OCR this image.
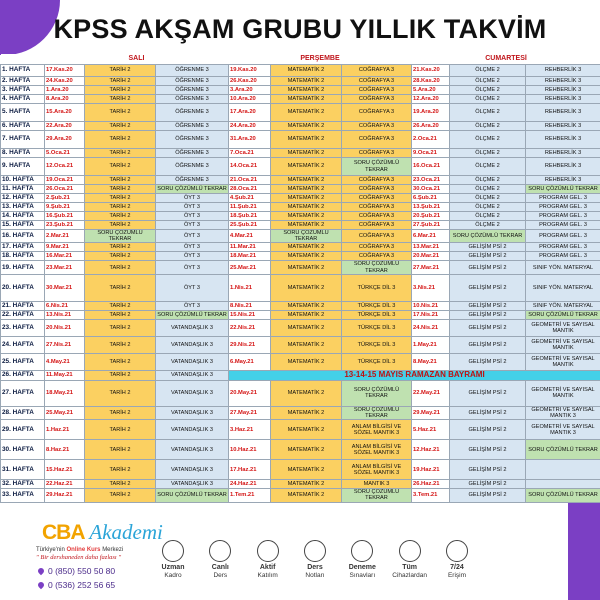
KPSS AKŞAM GRUBU YILLIK TAKVİM
	SALI			PERŞEMBE			CUMARTESİ		
1. HAFTA	17.Kas.20	TARİH 2	ÖĞRENME 3	19.Kas.20	MATEMATİK 2	COĞRAFYA 3	21.Kas.20	ÖLÇME 2	REHBERLİK 3
2. HAFTA	24.Kas.20	TARİH 2	ÖĞRENME 3	26.Kas.20	MATEMATİK 2	COĞRAFYA 3	28.Kas.20	ÖLÇME 2	REHBERLİK 3
3. HAFTA	1.Ara.20	TARİH 2	ÖĞRENME 3	3.Ara.20	MATEMATİK 2	COĞRAFYA 3	5.Ara.20	ÖLÇME 2	REHBERLİK 3
4. HAFTA	8.Ara.20	TARİH 2	ÖĞRENME 3	10.Ara.20	MATEMATİK 2	COĞRAFYA 3	12.Ara.20	ÖLÇME 2	REHBERLİK 3
5. HAFTA	15.Ara.20	TARİH 2	ÖĞRENME 3	17.Ara.20	MATEMATİK 2	COĞRAFYA 3	19.Ara.20	ÖLÇME 2	REHBERLİK 3
6. HAFTA	22.Ara.20	TARİH 2	ÖĞRENME 3	24.Ara.20	MATEMATİK 2	COĞRAFYA 3	26.Ara.20	ÖLÇME 2	REHBERLİK 3
7. HAFTA	29.Ara.20	TARİH 2	ÖĞRENME 3	31.Ara.20	MATEMATİK 2	COĞRAFYA 3	2.Oca.21	ÖLÇME 2	REHBERLİK 3
8. HAFTA	5.Oca.21	TARİH 2	ÖĞRENME 3	7.Oca.21	MATEMATİK 2	COĞRAFYA 3	9.Oca.21	ÖLÇME 2	REHBERLİK 3
9. HAFTA	12.Oca.21	TARİH 2	ÖĞRENME 3	14.Oca.21	MATEMATİK 2	SORU ÇÖZÜMLÜ TEKRAR	16.Oca.21	ÖLÇME 2	REHBERLİK 3
10. HAFTA	19.Oca.21	TARİH 2	ÖĞRENME 3	21.Oca.21	MATEMATİK 2	COĞRAFYA 3	23.Oca.21	ÖLÇME 2	REHBERLİK 3
11. HAFTA	26.Oca.21	TARİH 2	SORU ÇÖZÜMLÜ TEKRAR	28.Oca.21	MATEMATİK 2	COĞRAFYA 3	30.Oca.21	ÖLÇME 2	SORU ÇÖZÜMLÜ TEKRAR
12. HAFTA	2.Şub.21	TARİH 2	ÖYT 3	4.Şub.21	MATEMATİK 2	COĞRAFYA 3	6.Şub.21	ÖLÇME 2	PROGRAM GEL. 3
13. HAFTA	9.Şub.21	TARİH 2	ÖYT 3	11.Şub.21	MATEMATİK 2	COĞRAFYA 3	13.Şub.21	ÖLÇME 2	PROGRAM GEL. 3
14. HAFTA	16.Şub.21	TARİH 2	ÖYT 3	18.Şub.21	MATEMATİK 2	COĞRAFYA 3	20.Şub.21	ÖLÇME 2	PROGRAM GEL. 3
15. HAFTA	23.Şub.21	TARİH 2	ÖYT 3	25.Şub.21	MATEMATİK 2	COĞRAFYA 3	27.Şub.21	ÖLÇME 2	PROGRAM GEL. 3
16. HAFTA	2.Mar.21	SORU ÇÖZÜMLÜ TEKRAR	ÖYT 3	4.Mar.21	SORU ÇÖZÜMLÜ TEKRAR	COĞRAFYA 3	6.Mar.21	SORU ÇÖZÜMLÜ TEKRAR	PROGRAM GEL. 3
17. HAFTA	9.Mar.21	TARİH 2	ÖYT 3	11.Mar.21	MATEMATİK 2	COĞRAFYA 3	13.Mar.21	GELİŞİM PSİ 2	PROGRAM GEL. 3
18. HAFTA	16.Mar.21	TARİH 2	ÖYT 3	18.Mar.21	MATEMATİK 2	COĞRAFYA 3	20.Mar.21	GELİŞİM PSİ 2	PROGRAM GEL. 3
19. HAFTA	23.Mar.21	TARİH 2	ÖYT 3	25.Mar.21	MATEMATİK 2	SORU ÇÖZÜMLÜ TEKRAR	27.Mar.21	GELİŞİM PSİ 2	SINIF YÖN. MATERYAL
20. HAFTA	30.Mar.21	TARİH 2	ÖYT 3	1.Nis.21	MATEMATİK 2	TÜRKÇE DİL 3	3.Nis.21	GELİŞİM PSİ 2	SINIF YÖN. MATERYAL
21. HAFTA	6.Nis.21	TARİH 2	ÖYT 3	8.Nis.21	MATEMATİK 2	TÜRKÇE DİL 3	10.Nis.21	GELİŞİM PSİ 2	SINIF YÖN. MATERYAL
22. HAFTA	13.Nis.21	TARİH 2	SORU ÇÖZÜMLÜ TEKRAR	15.Nis.21	MATEMATİK 2	TÜRKÇE DİL 3	17.Nis.21	GELİŞİM PSİ 2	SORU ÇÖZÜMLÜ TEKRAR
23. HAFTA	20.Nis.21	TARİH 2	VATANDAŞLIK 3	22.Nis.21	MATEMATİK 2	TÜRKÇE DİL 3	24.Nis.21	GELİŞİM PSİ 2	GEOMETRİ VE SAYISAL MANTIK
24. HAFTA	27.Nis.21	TARİH 2	VATANDAŞLIK 3	29.Nis.21	MATEMATİK 2	TÜRKÇE DİL 3	1.May.21	GELİŞİM PSİ 2	GEOMETRİ VE SAYISAL MANTIK
25. HAFTA	4.May.21	TARİH 2	VATANDAŞLIK 3	6.May.21	MATEMATİK 2	TÜRKÇE DİL 3	8.May.21	GELİŞİM PSİ 2	GEOMETRİ VE SAYISAL MANTIK
26. HAFTA	11.May.21	TARİH 2	VATANDAŞLIK 3	13-14-15 MAYIS RAMAZAN BAYRAMI					
27. HAFTA	18.May.21	TARİH 2	VATANDAŞLIK 3	20.May.21	MATEMATİK 2	SORU ÇÖZÜMLÜ TEKRAR	22.May.21	GELİŞİM PSİ 2	GEOMETRİ VE SAYISAL MANTIK
28. HAFTA	25.May.21	TARİH 2	VATANDAŞLIK 3	27.May.21	MATEMATİK 2	SORU ÇÖZÜMLÜ TEKRAR	29.May.21	GELİŞİM PSİ 2	GEOMETRİ VE SAYISAL MANTIK 3
29. HAFTA	1.Haz.21	TARİH 2	VATANDAŞLIK 3	3.Haz.21	MATEMATİK 2	ANLAM BİLGİSİ VE SÖZEL MANTIK 3	5.Haz.21	GELİŞİM PSİ 2	GEOMETRİ VE SAYISAL MANTIK 3
30. HAFTA	8.Haz.21	TARİH 2	VATANDAŞLIK 3	10.Haz.21	MATEMATİK 2	ANLAM BİLGİSİ VE SÖZEL MANTIK 3	12.Haz.21	GELİŞİM PSİ 2	SORU ÇÖZÜMLÜ TEKRAR
31. HAFTA	15.Haz.21	TARİH 2	VATANDAŞLIK 3	17.Haz.21	MATEMATİK 2	ANLAM BİLGİSİ VE SÖZEL MANTIK 3	19.Haz.21	GELİŞİM PSİ 2	
32. HAFTA	22.Haz.21	TARİH 2	VATANDAŞLIK 3	24.Haz.21	MATEMATİK 2	MANTIK 3	26.Haz.21	GELİŞİM PSİ 2	
33. HAFTA	29.Haz.21	TARİH 2	SORU ÇÖZÜMLÜ TEKRAR	1.Tem.21	MATEMATİK 2	SORU ÇÖZÜMLÜ TEKRAR	3.Tem.21	GELİŞİM PSİ 2	SORU ÇÖZÜMLÜ TEKRAR
CBA Akademi
Türkiye'nin Online Kurs Merkezi
" Bir dershaneden daha fazlası "
0 (850) 550 50 80
0 (536) 252 56 65
Uzman
Kadro
Canlı
Ders
Aktif
Katılım
Ders
Notları
Deneme
Sınavları
Tüm
Cihazlardan
7/24
Erişim
